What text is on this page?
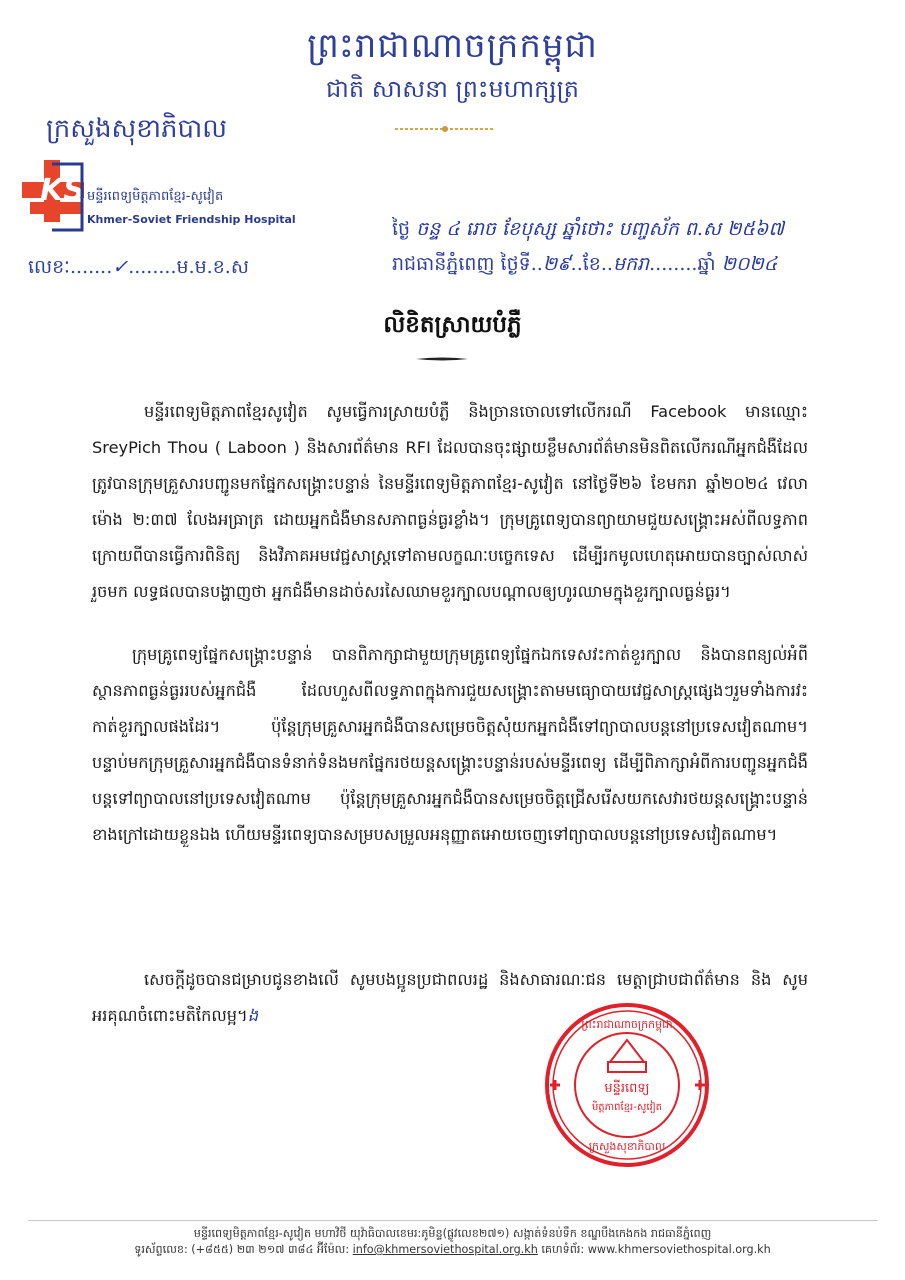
ព្រះរាជាណាចក្រកម្ពុជា
ជាតិ សាសនា ព្រះមហាក្សត្រ
ក្រសួងសុខាភិបាល
KS មន្ទីរពេទ្យមិត្តភាពខ្មែរ-សូវៀត
Khmer-Soviet Friendship Hospital
លេខៈ.......✓........ម.ម.ខ.ស
ថ្ងៃ ចន្ទ ៤ រោច ខែបុស្ស ឆ្នាំថោះ បញ្ចស័ក ព.ស ២៥៦៧
រាជធានីភ្នំពេញ ថ្ងៃទី..២៩..ខែ..មករា........ឆ្នាំ ២០២៤
លិខិតស្រាយបំភ្លឺ
មន្ទីរពេទ្យមិត្តភាពខ្មែរសូវៀត សូមធ្វើការស្រាយបំភ្លឺ និងច្រានចោលទៅលើករណី Facebook មានឈ្មោះ SreyPich Thou ( Laboon ) និងសារព័ត៌មាន RFI ដែលបានចុះផ្សាយខ្លឹមសារព័ត៌មានមិនពិតលើករណីអ្នកជំងឺដែលត្រូវបានក្រុមគ្រួសារបញ្ជូនមកផ្នែកសង្គ្រោះបន្ទាន់ នៃមន្ទីរពេទ្យមិត្តភាពខ្មែរ-សូវៀត នៅថ្ងៃទី២៦ ខែមករា ឆ្នាំ២០២៤ វេលាម៉ោង ២:៣៧ លែងអធ្រាត្រ ដោយអ្នកជំងឺមានសភាពធ្ងន់ធ្ងរខ្លាំង។ ក្រុមគ្រូពេទ្យបានព្យាយាមជួយសង្គ្រោះអស់ពីលទ្ធភាព ក្រោយពីបានធ្វើការពិនិត្យ និងវិភាគអមវេជ្ជសាស្ត្រទៅតាមលក្ខណៈបច្ចេកទេស ដើម្បីរកមូលហេតុអោយបានច្បាស់លាស់រួចមក លទ្ធផលបានបង្ហាញថា អ្នកជំងឺមានដាច់សរសៃឈាមខួរក្បាលបណ្តាលឲ្យហូរឈាមក្នុងខួរក្បាលធ្ងន់ធ្ងរ។
ក្រុមគ្រូពេទ្យផ្នែកសង្គ្រោះបន្ទាន់ បានពិភាក្សាជាមួយក្រុមគ្រូពេទ្យផ្នែកឯកទេសវះកាត់ខួរក្បាល និងបានពន្យល់អំពីស្ថានភាពធ្ងន់ធ្ងររបស់អ្នកជំងឺ ដែលហួសពីលទ្ធភាពក្នុងការជួយសង្គ្រោះតាមមធ្យោបាយវេជ្ជសាស្ត្រផ្សេងៗរួមទាំងការវះកាត់ខួរក្បាលផងដែរ។ ប៉ុន្តែក្រុមគ្រួសារអ្នកជំងឺបានសម្រេចចិត្តសុំយកអ្នកជំងឺទៅព្យាបាលបន្តនៅប្រទេសវៀតណាម។ បន្ទាប់មកក្រុមគ្រួសារអ្នកជំងឺបានទំនាក់ទំនងមកផ្នែករថយន្តសង្គ្រោះបន្ទាន់របស់មន្ទីរពេទ្យ ដើម្បីពិភាក្សាអំពីការបញ្ជូនអ្នកជំងឺបន្តទៅព្យាបាលនៅប្រទេសវៀតណាម ប៉ុន្តែក្រុមគ្រួសារអ្នកជំងឺបានសម្រេចចិត្តជ្រើសរើសយកសេវារថយន្តសង្គ្រោះបន្ទាន់ខាងក្រៅដោយខ្លួនឯង ហើយមន្ទីរពេទ្យបានសម្របសម្រួលអនុញ្ញាតអោយចេញទៅព្យាបាលបន្តនៅប្រទេសវៀតណាម។
សេចក្តីដូចបានជម្រាបជូនខាងលើ សូមបងប្អូនប្រជាពលរដ្ឋ និងសាធារណៈជន មេត្តាជ្រាបជាព័ត៌មាន និង សូមអរគុណចំពោះមតិកែលម្អ។ង
មន្ទីរពេទ្យ
មិត្តភាពខ្មែរ-សូវៀត
ព្រះរាជាណាចក្រកម្ពុជា
ក្រសួងសុខាភិបាល
មន្ទីរពេទ្យមិត្តភាពខ្មែរ-សូវៀត មហាវិថី យុវ៉ាធិបាលខេមរ:ភូមិន្ទ(ផ្លូវលេខ២៧១) សង្កាត់ទំនប់ទឹក ខណ្ឌបឹងកេងកង រាជធានីភ្នំពេញ
ទូរស័ព្ទលេខ: (+៨៥៥) ២៣ ២១៧ ៣៨៤ អ៊ីម៉ែល: info@khmersoviethospital.org.kh គេហទំព័រ: www.khmersoviethospital.org.kh
